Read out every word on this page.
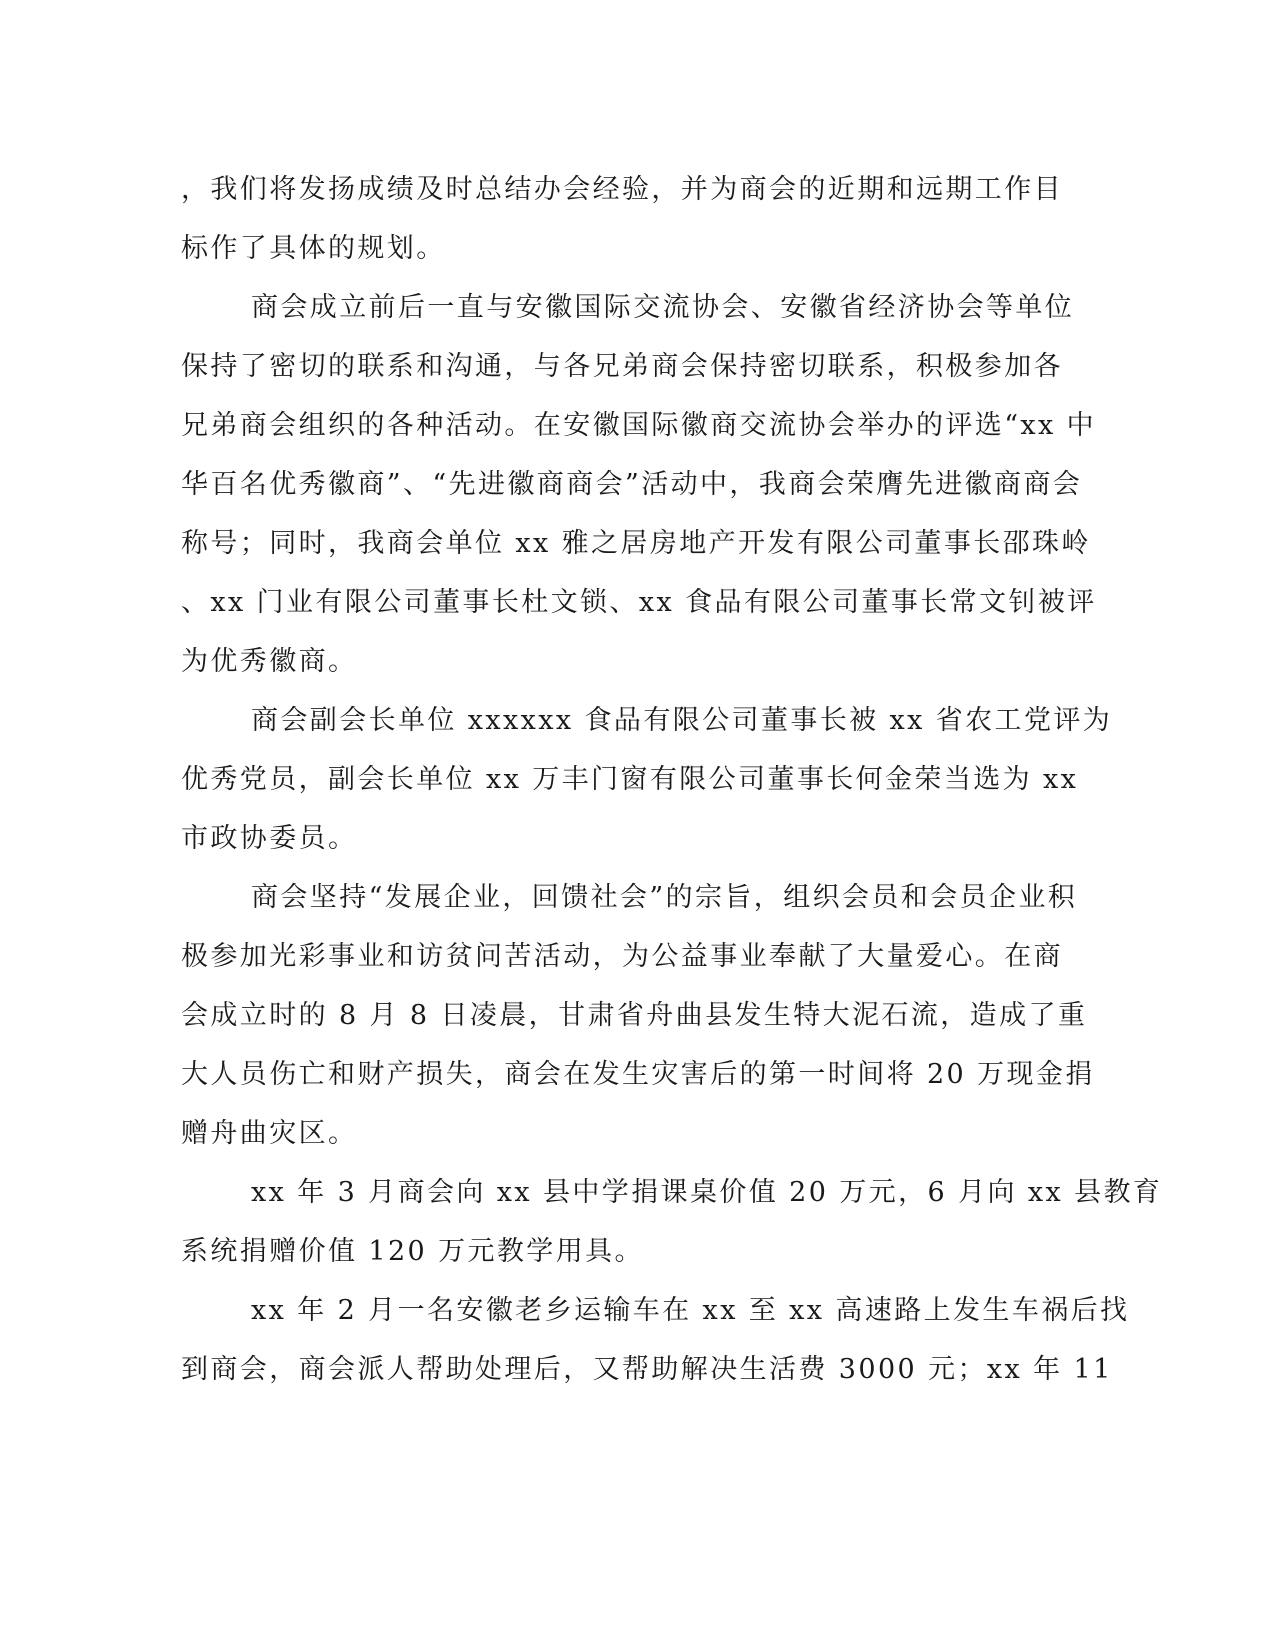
，我们将发扬成绩及时总结办会经验，并为商会的近期和远期工作目
标作了具体的规划。
商会成立前后一直与安徽国际交流协会、安徽省经济协会等单位
保持了密切的联系和沟通，与各兄弟商会保持密切联系，积极参加各
兄弟商会组织的各种活动。在安徽国际徽商交流协会举办的评选“xx 中
华百名优秀徽商”、“先进徽商商会”活动中，我商会荣膺先进徽商商会
称号；同时，我商会单位 xx 雅之居房地产开发有限公司董事长邵珠岭
、xx 门业有限公司董事长杜文锁、xx 食品有限公司董事长常文钊被评
为优秀徽商。
商会副会长单位 xxxxxx 食品有限公司董事长被 xx 省农工党评为
优秀党员，副会长单位 xx 万丰门窗有限公司董事长何金荣当选为 xx
市政协委员。
商会坚持“发展企业，回馈社会”的宗旨，组织会员和会员企业积
极参加光彩事业和访贫问苦活动，为公益事业奉献了大量爱心。在商
会成立时的 8 月 8 日凌晨，甘肃省舟曲县发生特大泥石流，造成了重
大人员伤亡和财产损失，商会在发生灾害后的第一时间将 20 万现金捐
赠舟曲灾区。
xx 年 3 月商会向 xx 县中学捐课桌价值 20 万元，6 月向 xx 县教育
系统捐赠价值 120 万元教学用具。
xx 年 2 月一名安徽老乡运输车在 xx 至 xx 高速路上发生车祸后找
到商会，商会派人帮助处理后，又帮助解决生活费 3000 元；xx 年 11
